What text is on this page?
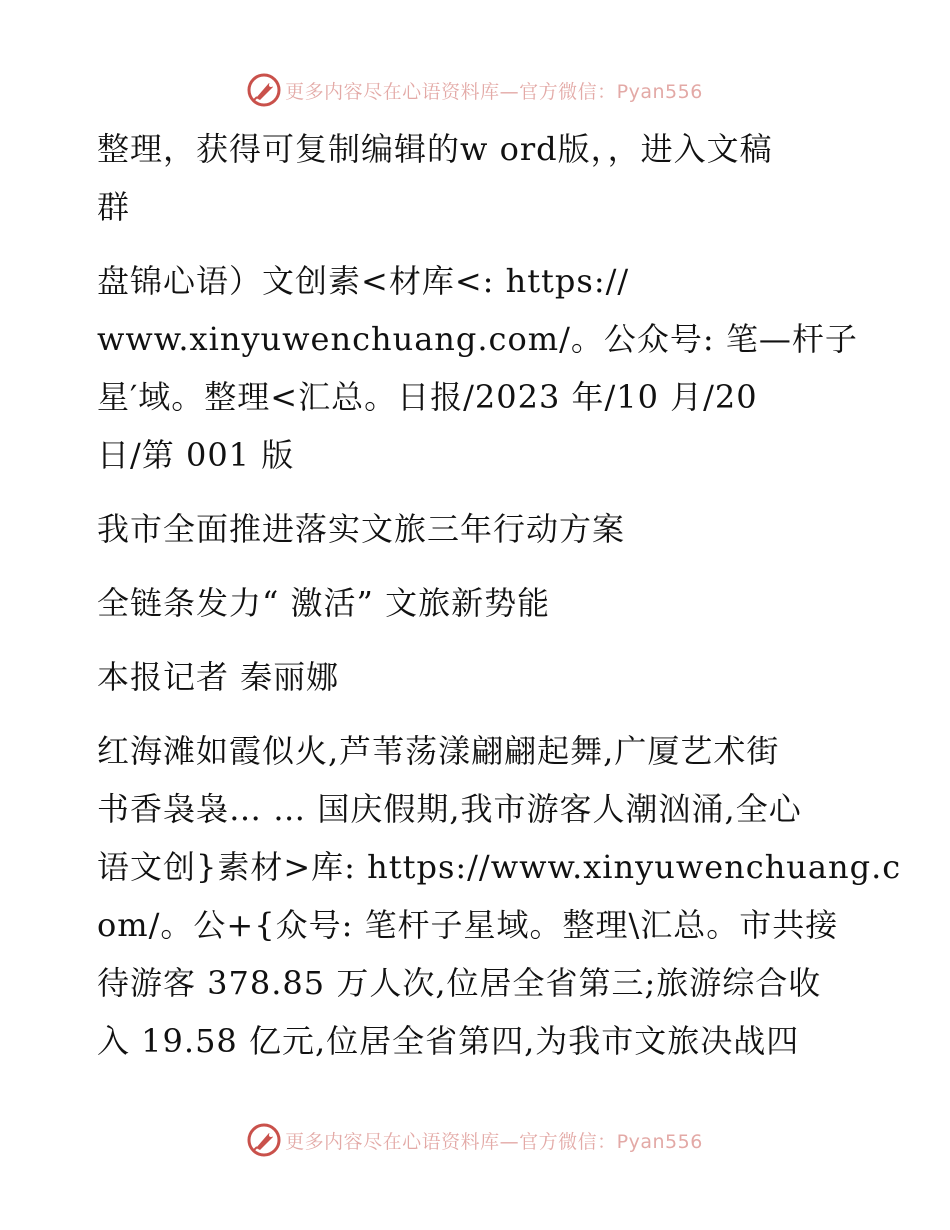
更多内容尽在心语资料库—官方微信：Pyan556
整理，获得可复制编辑的w ord版，，进入文稿
群
盘锦心语）文创素<材库<: https://
www.xinyuwenchuang.com/。公众号: 笔—杆子
星′域。整理<汇总。日报/2023 年/10 月/20
日/第 001 版
我市全面推进落实文旅三年行动方案
全链条发力“ 激活” 文旅新势能
本报记者 秦丽娜
红海滩如霞似火,芦苇荡漾翩翩起舞,广厦艺术街
书香袅袅… … 国庆假期,我市游客人潮汹涌,全心
语文创}素材>库: https://www.xinyuwenchuang.c
om/。公+{众号: 笔杆子星域。整理\汇总。市共接
待游客 378.85 万人次,位居全省第三;旅游综合收
入 19.58 亿元,位居全省第四,为我市文旅决战四
更多内容尽在心语资料库—官方微信：Pyan556
